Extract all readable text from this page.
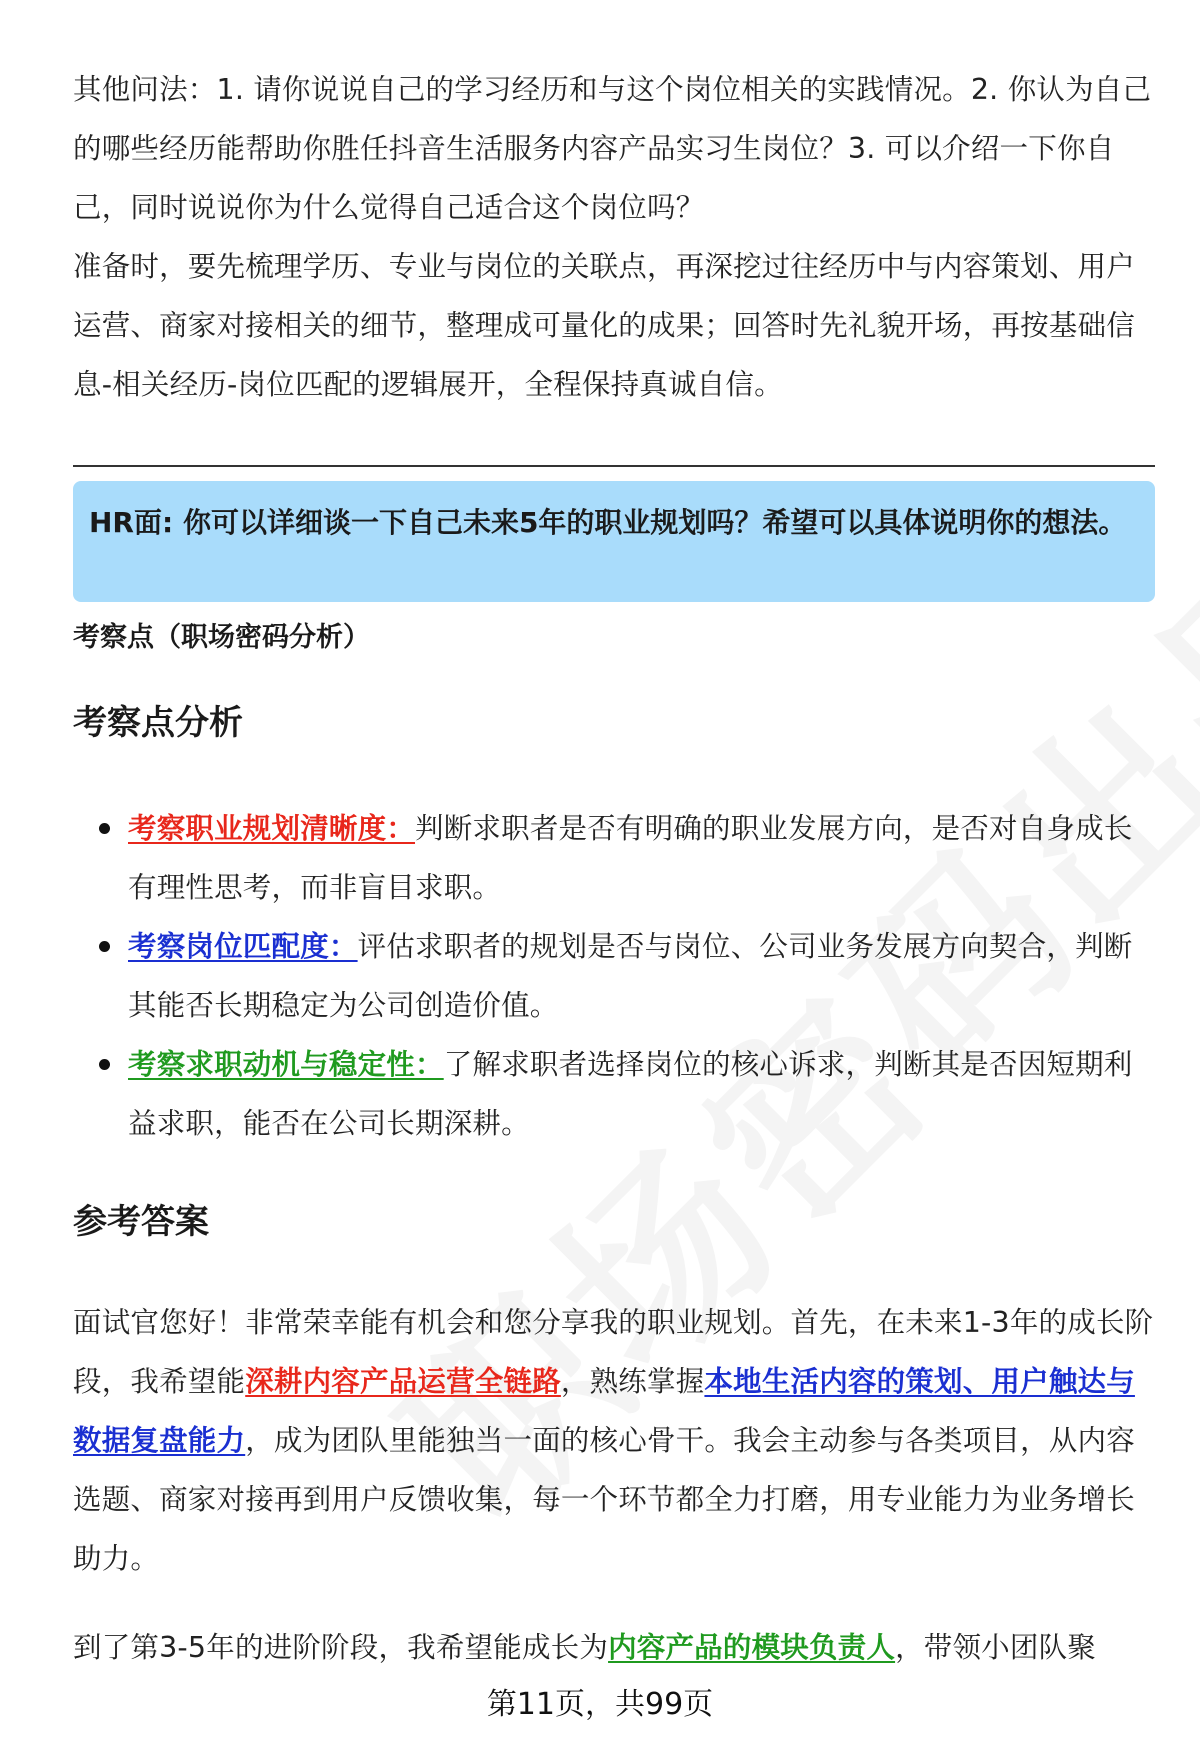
其他问法：1. 请你说说自己的学习经历和与这个岗位相关的实践情况。2. 你认为自己的哪些经历能帮助你胜任抖音生活服务内容产品实习生岗位？3. 可以介绍一下你自己，同时说说你为什么觉得自己适合这个岗位吗？

准备时，要先梳理学历、专业与岗位的关联点，再深挖过往经历中与内容策划、用户运营、商家对接相关的细节，整理成可量化的成果；回答时先礼貌开场，再按基础信息-相关经历-岗位匹配的逻辑展开，全程保持真诚自信。

HR面: 你可以详细谈一下自己未来5年的职业规划吗？希望可以具体说明你的想法。

考察点（职场密码分析）

考察点分析
考察职业规划清晰度：判断求职者是否有明确的职业发展方向，是否对自身成长有理性思考，而非盲目求职。
考察岗位匹配度：评估求职者的规划是否与岗位、公司业务发展方向契合，判断其能否长期稳定为公司创造价值。
考察求职动机与稳定性：了解求职者选择岗位的核心诉求，判断其是否因短期利益求职，能否在公司长期深耕。
参考答案

面试官您好！非常荣幸能有机会和您分享我的职业规划。首先，在未来1-3年的成长阶段，我希望能深耕内容产品运营全链路，熟练掌握本地生活内容的策划、用户触达与数据复盘能力，成为团队里能独当一面的核心骨干。我会主动参与各类项目，从内容选题、商家对接再到用户反馈收集，每一个环节都全力打磨，用专业能力为业务增长助力。

到了第3-5年的进阶阶段，我希望能成长为内容产品的模块负责人，带领小团队聚

第11页，共99页
